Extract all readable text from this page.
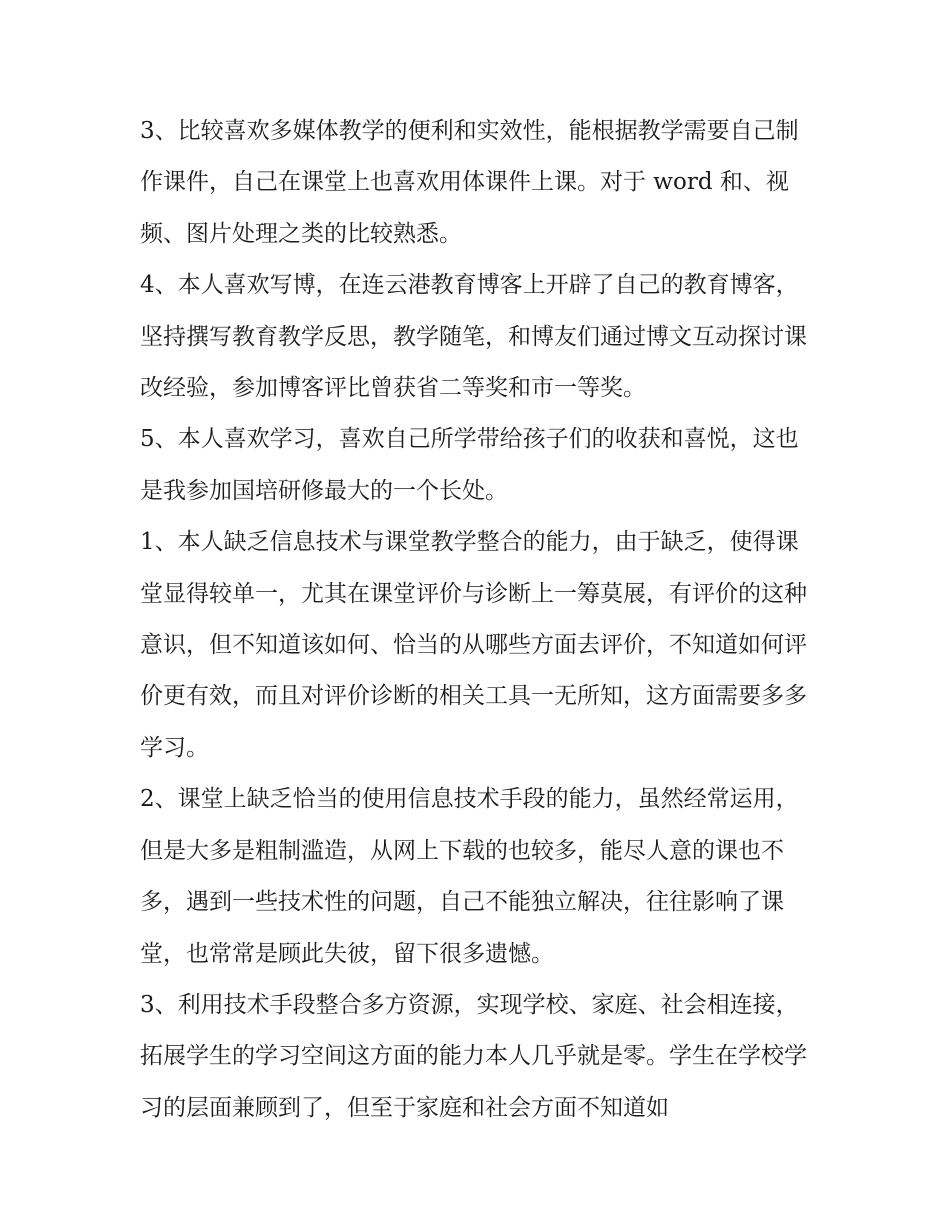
3、比较喜欢多媒体教学的便利和实效性，能根据教学需要自己制作课件，自己在课堂上也喜欢用体课件上课。对于 word 和、视频、图片处理之类的比较熟悉。

4、本人喜欢写博，在连云港教育博客上开辟了自己的教育博客，坚持撰写教育教学反思，教学随笔，和博友们通过博文互动探讨课改经验，参加博客评比曾获省二等奖和市一等奖。

5、本人喜欢学习，喜欢自己所学带给孩子们的收获和喜悦，这也是我参加国培研修最大的一个长处。

1、本人缺乏信息技术与课堂教学整合的能力，由于缺乏，使得课堂显得较单一，尤其在课堂评价与诊断上一筹莫展，有评价的这种意识，但不知道该如何、恰当的从哪些方面去评价，不知道如何评价更有效，而且对评价诊断的相关工具一无所知，这方面需要多多学习。

2、课堂上缺乏恰当的使用信息技术手段的能力，虽然经常运用，但是大多是粗制滥造，从网上下载的也较多，能尽人意的课也不多，遇到一些技术性的问题，自己不能独立解决，往往影响了课堂，也常常是顾此失彼，留下很多遗憾。

3、利用技术手段整合多方资源，实现学校、家庭、社会相连接，拓展学生的学习空间这方面的能力本人几乎就是零。学生在学校学习的层面兼顾到了，但至于家庭和社会方面不知道如
